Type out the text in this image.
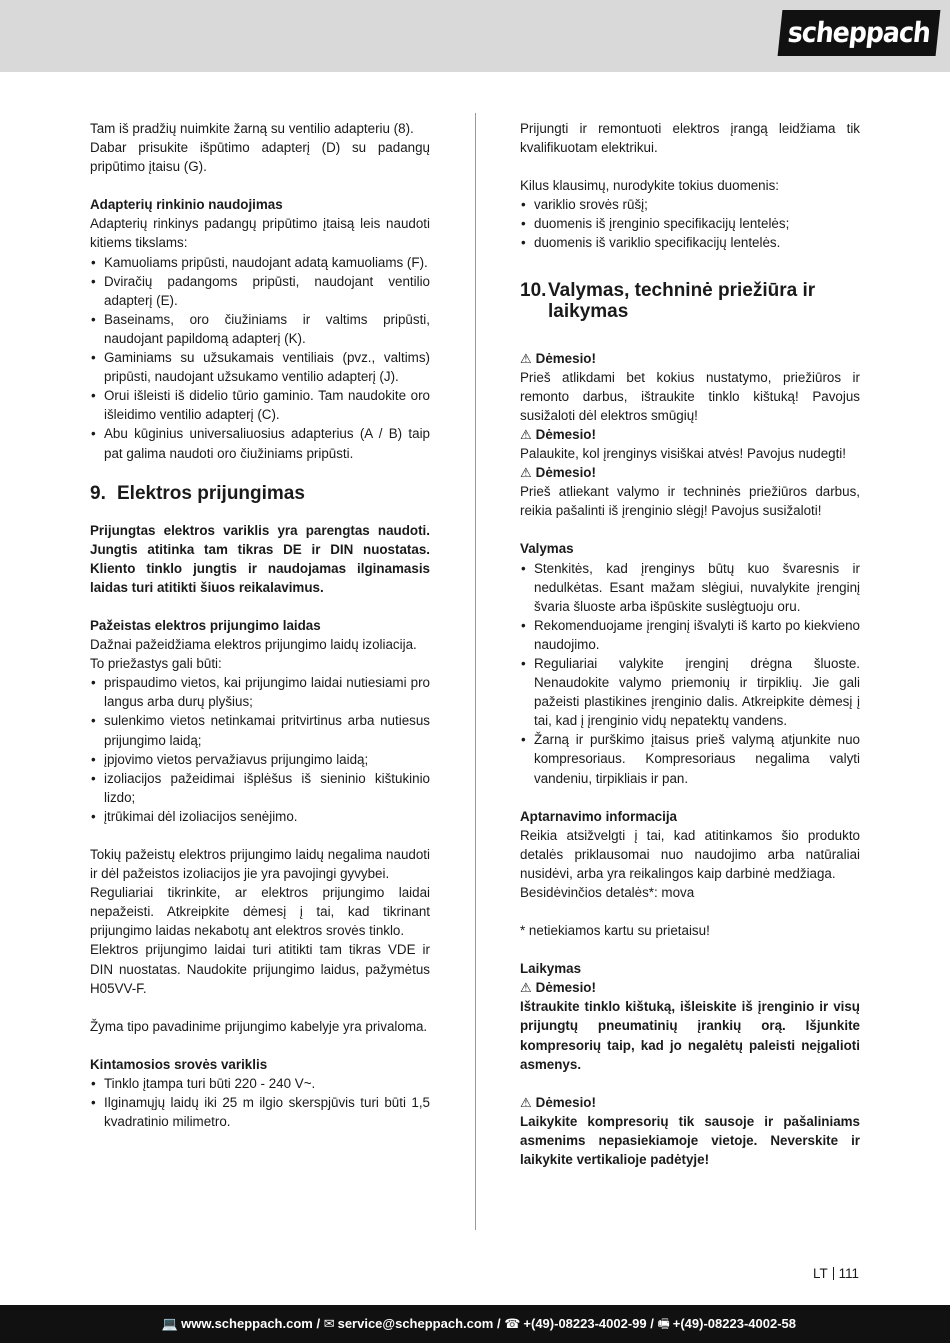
scheppach

Tam iš pradžių nuimkite žarną su ventilio adapteriu (8).

Dabar prisukite išpūtimo adapterį (D) su padangų pripūtimo įtaisu (G).

Adapterių rinkinio naudojimas

Adapterių rinkinys padangų pripūtimo įtaisą leis naudoti kitiems tikslams:

• Kamuoliams pripūsti, naudojant adatą kamuoliams (F).
• Dviračių padangoms pripūsti, naudojant ventilio adapterį (E).
• Baseinams, oro čiužiniams ir valtims pripūsti, naudojant papildomą adapterį (K).
• Gaminiams su užsukamais ventiliais (pvz., valtims) pripūsti, naudojant užsukamo ventilio adapterį (J).
• Orui išleisti iš didelio tūrio gaminio. Tam naudokite oro išleidimo ventilio adapterį (C).
• Abu kūginius universaliuosius adapterius (A / B) taip pat galima naudoti oro čiužiniams pripūsti.
9. Elektros prijungimas

Prijungtas elektros variklis yra parengtas naudoti. Jungtis atitinka tam tikras DE ir DIN nuostatas. Kliento tinklo jungtis ir naudojamas ilginamasis laidas turi atitikti šiuos reikalavimus.

Pažeistas elektros prijungimo laidas

Dažnai pažeidžiama elektros prijungimo laidų izoliacija.

To priežastys gali būti:

• prispaudimo vietos, kai prijungimo laidai nutiesiami pro langus arba durų plyšius;
• sulenkimo vietos netinkamai pritvirtinus arba nutiesus prijungimo laidą;
• įpjovimo vietos pervažiavus prijungimo laidą;
• izoliacijos pažeidimai išplėšus iš sieninio kištukinio lizdo;
• įtrūkimai dėl izoliacijos senėjimo.

Tokių pažeistų elektros prijungimo laidų negalima naudoti ir dėl pažeistos izoliacijos jie yra pavojingi gyvybei.

Reguliariai tikrinkite, ar elektros prijungimo laidai nepažeisti. Atkreipkite dėmesį į tai, kad tikrinant prijungimo laidas nekabotų ant elektros srovės tinklo.

Elektros prijungimo laidai turi atitikti tam tikras VDE ir DIN nuostatas. Naudokite prijungimo laidus, pažymėtus H05VV-F.

Žyma tipo pavadinime prijungimo kabelyje yra privaloma.

Kintamosios srovės variklis

• Tinklo įtampa turi būti 220 - 240 V~.
• Ilginamųjų laidų iki 25 m ilgio skerspjūvis turi būti 1,5 kvadratinio milimetro.

Prijungti ir remontuoti elektros įrangą leidžiama tik kvalifikuotam elektrikui.

Kilus klausimų, nurodykite tokius duomenis:

• variklio srovės rūšį;
• duomenis iš įrenginio specifikacijų lentelės;
• duomenis iš variklio specifikacijų lentelės.
10. Valymas, techninė priežiūra ir laikymas

⚠ Dėmesio!

Prieš atlikdami bet kokius nustatymo, priežiūros ir remonto darbus, ištraukite tinklo kištuką! Pavojus susižaloti dėl elektros smūgių!

⚠ Dėmesio!

Palaukite, kol įrenginys visiškai atvės! Pavojus nudegti!

⚠ Dėmesio!

Prieš atliekant valymo ir techninės priežiūros darbus, reikia pašalinti iš įrenginio slėgį! Pavojus susižaloti!

Valymas

• Stenkitės, kad įrenginys būtų kuo švaresnis ir nedulkėtas. Esant mažam slėgiui, nuvalykite įrenginį švaria šluoste arba išpūskite suslėgtuoju oru.
• Rekomenduojame įrenginį išvalyti iš karto po kiekvieno naudojimo.
• Reguliariai valykite įrenginį drėgna šluoste. Nenaudokite valymo priemonių ir tirpiklių. Jie gali pažeisti plastikines įrenginio dalis. Atkreipkite dėmesį į tai, kad į įrenginio vidų nepatektų vandens.
• Žarną ir purškimo įtaisus prieš valymą atjunkite nuo kompresoriaus. Kompresoriaus negalima valyti vandeniu, tirpikliais ir pan.

Aptarnavimo informacija

Reikia atsižvelgti į tai, kad atitinkamos šio produkto detalės priklausomai nuo naudojimo arba natūraliai nusidėvi, arba yra reikalingos kaip darbinė medžiaga.

Besidėvinčios detalės*: mova

* netiekiamos kartu su prietaisu!

Laikymas

⚠ Dėmesio!

Ištraukite tinklo kištuką, išleiskite iš įrenginio ir visų prijungtų pneumatinių įrankių orą. Išjunkite kompresorių taip, kad jo negalėtų paleisti neįgalioti asmenys.

⚠ Dėmesio!

Laikykite kompresorių tik sausoje ir pašaliniams asmenims nepasiekiamoje vietoje. Neverskite ir laikykite vertikalioje padėtyje!

LT 111
💻 www.scheppach.com / ✉ service@scheppach.com / ☎ +(49)-08223-4002-99 / 🖷 +(49)-08223-4002-58
